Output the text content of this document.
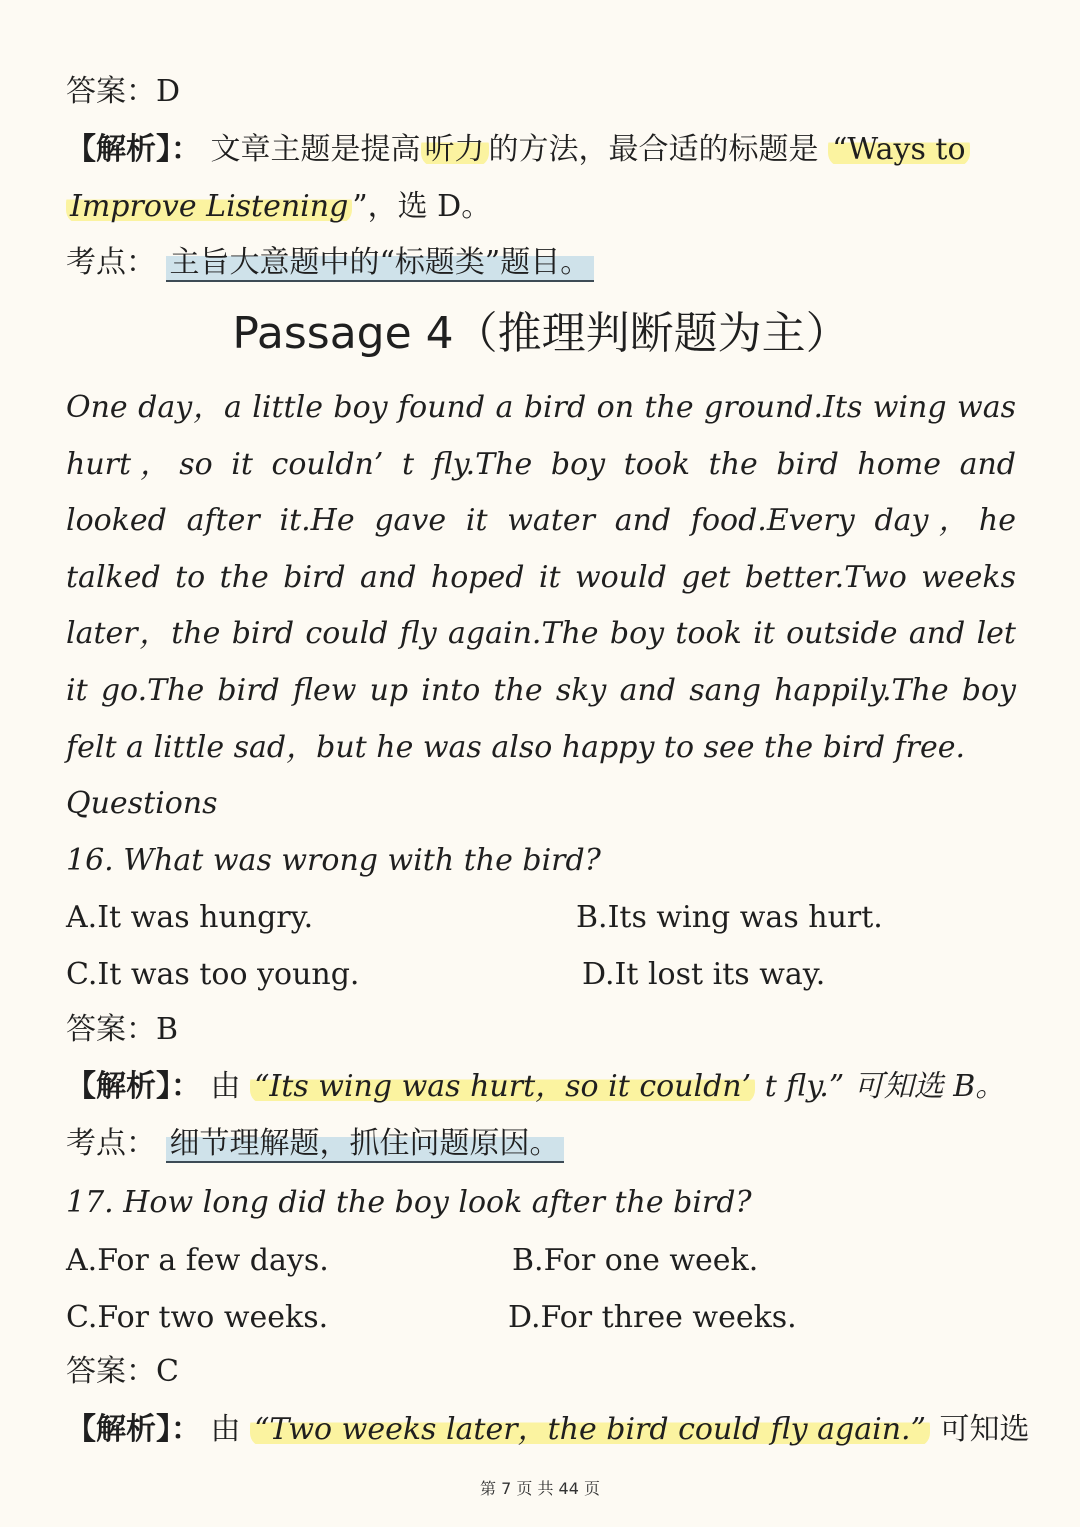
答案：D
【解析】： 文章主题是提高 听力 的方法，最合适的标题是 “Ways to
Improve Listening ”，选 D。
考点： 主旨大意题中的“标题类”题目。
Passage 4（推理判断题为主）
One day，a little boy found a bird on the ground.Its wing was hurt，so it couldn’ t fly.The boy took the bird home and looked after it.He gave it water and food.Every day，he talked to the bird and hoped it would get better.Two weeks later，the bird could fly again.The boy took it outside and let it go.The bird flew up into the sky and sang happily.The boy felt a little sad，but he was also happy to see the bird free.
Questions
16. What was wrong with the bird?
A.It was hungry.	B.Its wing was hurt.
C.It was too young.	D.It lost its way.
答案：B
【解析】： 由 “Its wing was hurt，so it couldn’ t fly.” 可知选 B。
考点： 细节理解题，抓住问题原因。
17. How long did the boy look after the bird?
A.For a few days.	B.For one week.
C.For two weeks.	D.For three weeks.
答案：C
【解析】： 由 “Two weeks later，the bird could fly again.” 可知选
第 7 页 共 44 页
